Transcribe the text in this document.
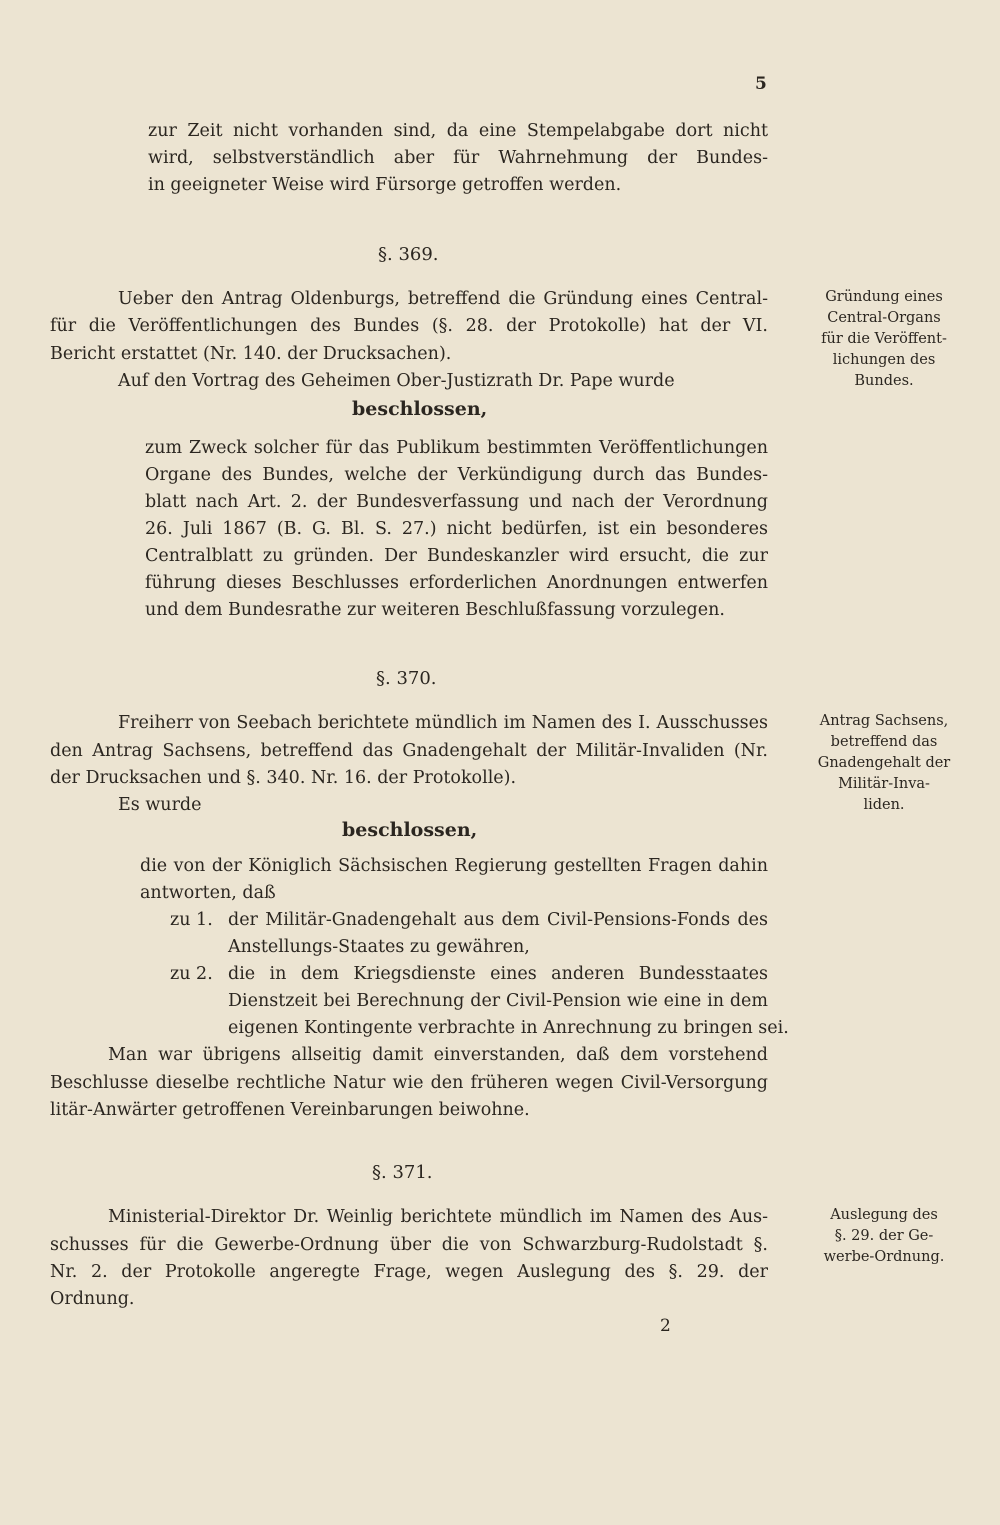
5
zur Zeit nicht vorhanden sind, da eine Stempelabgabe dort nicht
wird, selbstverständlich aber für Wahrnehmung der Bundes-
in geeigneter Weise wird Fürsorge getroffen werden.
§. 369.
Ueber den Antrag Oldenburgs, betreffend die Gründung eines Central-
für die Veröffentlichungen des Bundes (§. 28. der Protokolle) hat der VI.
Bericht erstattet (Nr. 140. der Drucksachen).
Auf den Vortrag des Geheimen Ober-Justizrath Dr. Pape wurde
beschlossen,
zum Zweck solcher für das Publikum bestimmten Veröffentlichungen
Organe des Bundes, welche der Verkündigung durch das Bundes-
blatt nach Art. 2. der Bundesverfassung und nach der Verordnung
26. Juli 1867 (B. G. Bl. S. 27.) nicht bedürfen, ist ein besonderes
Centralblatt zu gründen. Der Bundeskanzler wird ersucht, die zur
führung dieses Beschlusses erforderlichen Anordnungen entwerfen
und dem Bundesrathe zur weiteren Beschlußfassung vorzulegen.
Gründung eines
Central-Organs
für die Veröffent-
lichungen des
Bundes.
§. 370.
Freiherr von Seebach berichtete mündlich im Namen des I. Ausschusses
den Antrag Sachsens, betreffend das Gnadengehalt der Militär-Invaliden (Nr.
der Drucksachen und §. 340. Nr. 16. der Protokolle).
Es wurde
beschlossen,
die von der Königlich Sächsischen Regierung gestellten Fragen dahin
antworten, daß
zu 1. der Militär-Gnadengehalt aus dem Civil-Pensions-Fonds des
Anstellungs-Staates zu gewähren,
zu 2. die in dem Kriegsdienste eines anderen Bundesstaates
Dienstzeit bei Berechnung der Civil-Pension wie eine in dem
eigenen Kontingente verbrachte in Anrechnung zu bringen sei.
Man war übrigens allseitig damit einverstanden, daß dem vorstehend
Beschlusse dieselbe rechtliche Natur wie den früheren wegen Civil-Versorgung
litär-Anwärter getroffenen Vereinbarungen beiwohne.
Antrag Sachsens,
betreffend das
Gnadengehalt der
Militär-Inva-
liden.
§. 371.
Ministerial-Direktor Dr. Weinlig berichtete mündlich im Namen des Aus-
schusses für die Gewerbe-Ordnung über die von Schwarzburg-Rudolstadt §.
Nr. 2. der Protokolle angeregte Frage, wegen Auslegung des §. 29. der
Ordnung.
Auslegung des
§. 29. der Ge-
werbe-Ordnung.
2
